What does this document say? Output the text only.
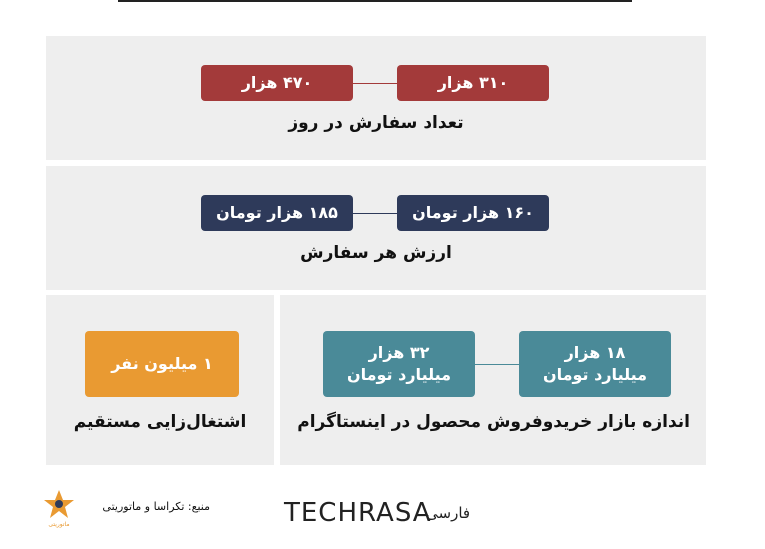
۴۷۰ هزار	۳۱۰ هزار
تعداد سفارش در روز
۱۸۵ هزار تومان	۱۶۰ هزار تومان
ارزش هر سفارش
۳۲ هزار
میلیارد تومان
۱۸ هزار
میلیارد تومان
اندازه بازار خریدوفروش محصول در اینستاگرام
۱ میلیون نفر
اشتغال‌زایی مستقیم
ماتوریتی
منبع: تکراسا و ماتوریتی	TECHRASA
فارسی
